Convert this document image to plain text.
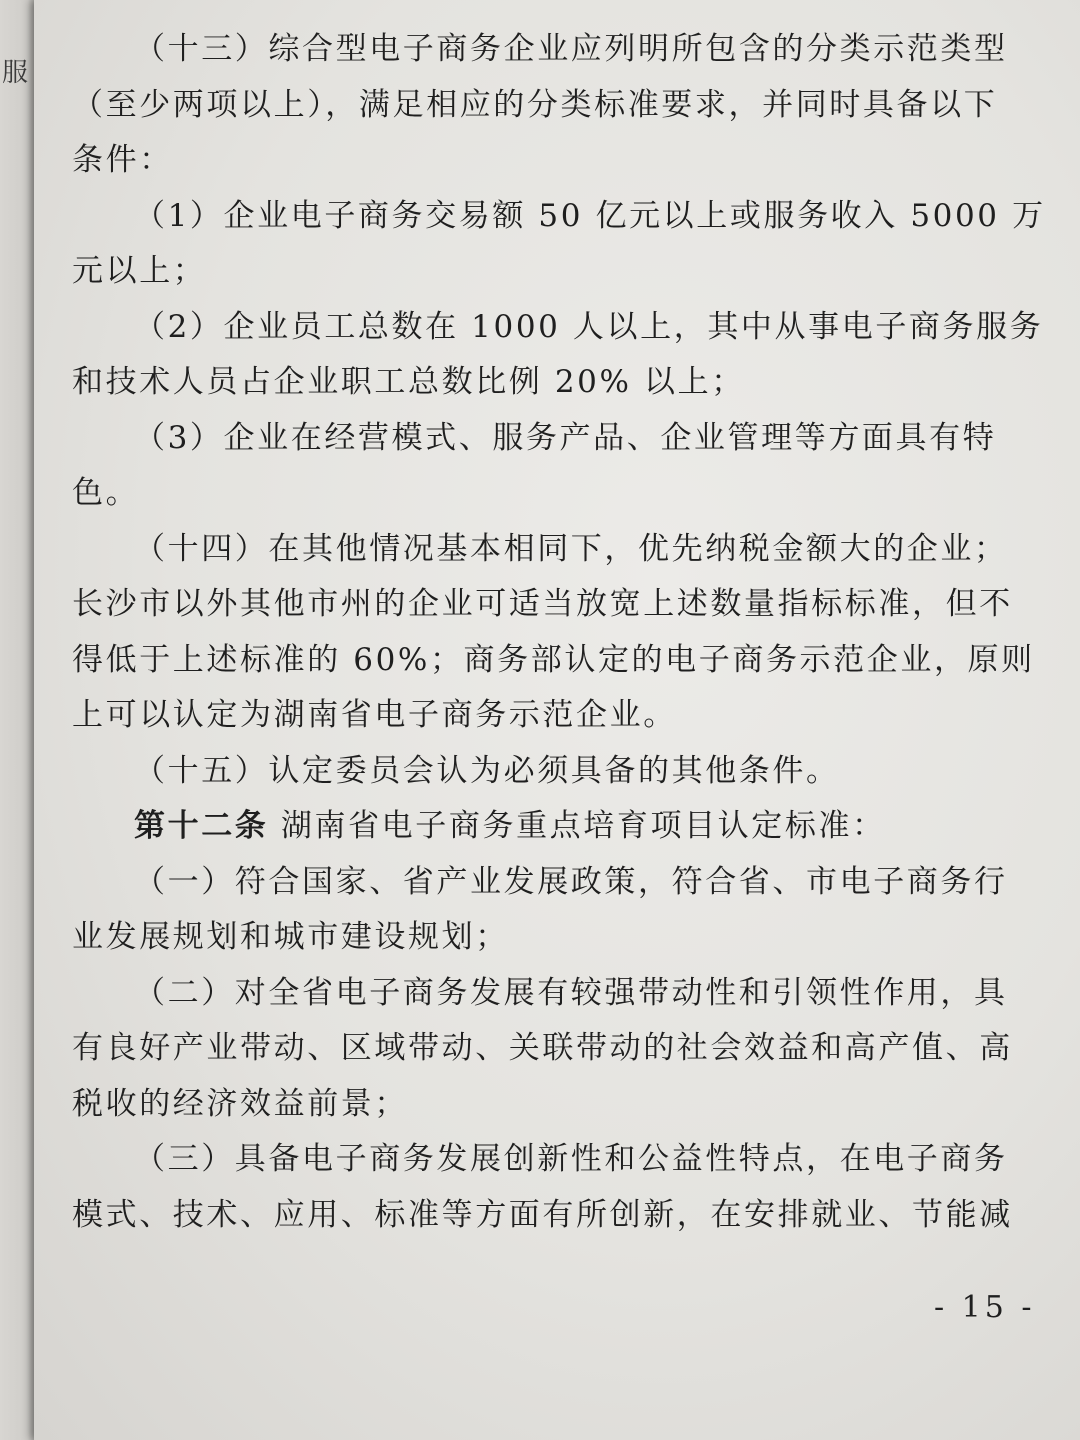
服
（十三）综合型电子商务企业应列明所包含的分类示范类型
（至少两项以上），满足相应的分类标准要求，并同时具备以下
条件：
（1）企业电子商务交易额 50 亿元以上或服务收入 5000 万
元以上；
（2）企业员工总数在 1000 人以上，其中从事电子商务服务
和技术人员占企业职工总数比例 20% 以上；
（3）企业在经营模式、服务产品、企业管理等方面具有特
色。
（十四）在其他情况基本相同下，优先纳税金额大的企业；
长沙市以外其他市州的企业可适当放宽上述数量指标标准，但不
得低于上述标准的 60%；商务部认定的电子商务示范企业，原则
上可以认定为湖南省电子商务示范企业。
（十五）认定委员会认为必须具备的其他条件。
第十二条 湖南省电子商务重点培育项目认定标准：
（一）符合国家、省产业发展政策，符合省、市电子商务行
业发展规划和城市建设规划；
（二）对全省电子商务发展有较强带动性和引领性作用，具
有良好产业带动、区域带动、关联带动的社会效益和高产值、高
税收的经济效益前景；
（三）具备电子商务发展创新性和公益性特点，在电子商务
模式、技术、应用、标准等方面有所创新，在安排就业、节能减
- 15 -
